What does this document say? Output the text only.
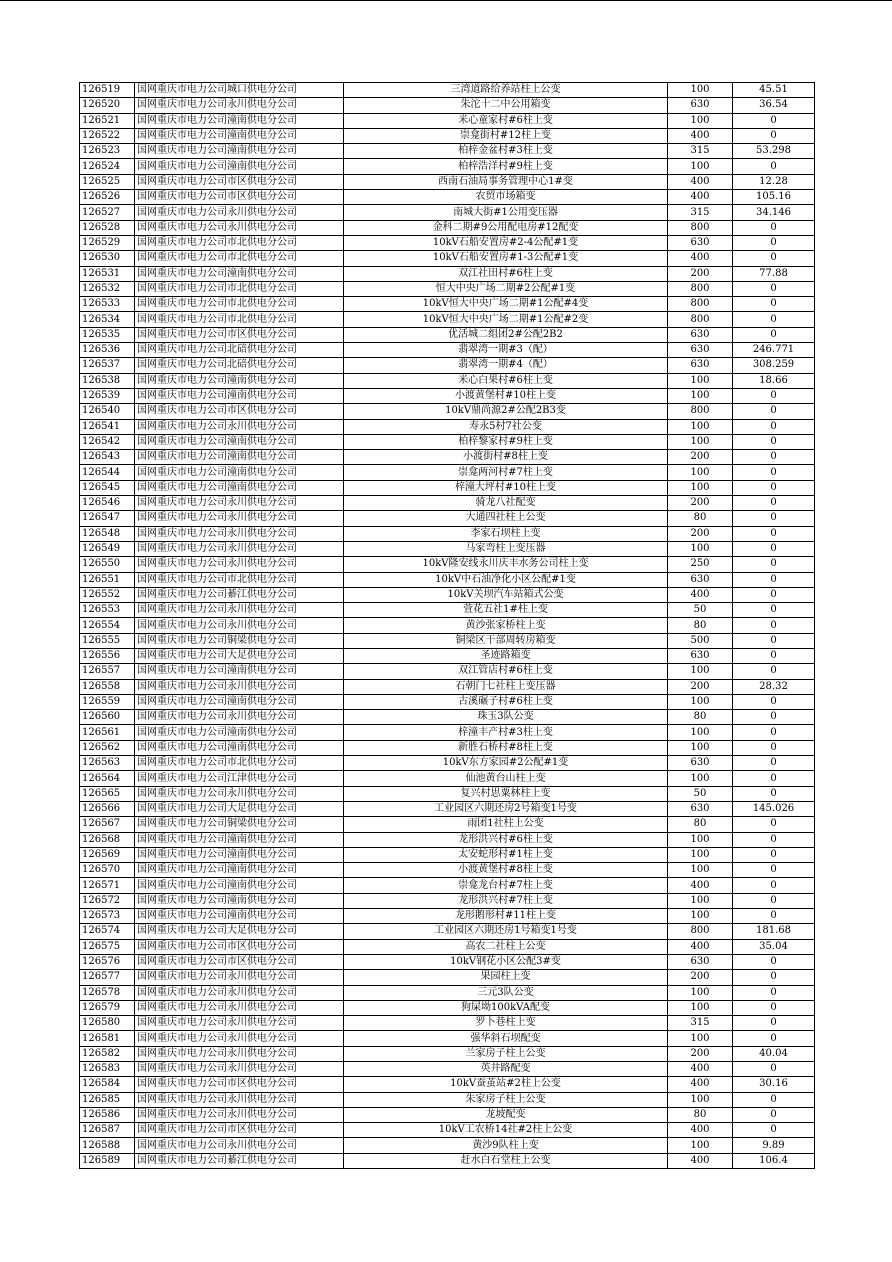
126519	国网重庆市电力公司城口供电分公司	三湾道路给养站柱上公变	100	45.51
126520	国网重庆市电力公司永川供电分公司	朱沱十二中公用箱变	630	36.54
126521	国网重庆市电力公司潼南供电分公司	米心童家村#6柱上变	100	0
126522	国网重庆市电力公司潼南供电分公司	崇龛街村#12柱上变	400	0
126523	国网重庆市电力公司潼南供电分公司	柏梓金盆村#3柱上变	315	53.298
126524	国网重庆市电力公司潼南供电分公司	柏梓浩洋村#9柱上变	100	0
126525	国网重庆市电力公司市区供电分公司	西南石油局事务管理中心1#变	400	12.28
126526	国网重庆市电力公司市区供电分公司	农贸市场箱变	400	105.16
126527	国网重庆市电力公司永川供电分公司	南城大街#1公用变压器	315	34.146
126528	国网重庆市电力公司永川供电分公司	金科二期#9公用配电房#12配变	800	0
126529	国网重庆市电力公司市北供电分公司	10kV石船安置房#2-4公配#1变	630	0
126530	国网重庆市电力公司市北供电分公司	10kV石船安置房#1-3公配#1变	400	0
126531	国网重庆市电力公司潼南供电分公司	双江社田村#6柱上变	200	77.88
126532	国网重庆市电力公司市北供电分公司	恒大中央广场二期#2公配#1变	800	0
126533	国网重庆市电力公司市北供电分公司	10kV恒大中央广场二期#1公配#4变	800	0
126534	国网重庆市电力公司市北供电分公司	10kV恒大中央广场二期#1公配#2变	800	0
126535	国网重庆市电力公司市区供电分公司	优活城二组团2#公配2B2	630	0
126536	国网重庆市电力公司北碚供电分公司	翡翠湾一期#3（配）	630	246.771
126537	国网重庆市电力公司北碚供电分公司	翡翠湾一期#4（配）	630	308.259
126538	国网重庆市电力公司潼南供电分公司	米心白果村#6柱上变	100	18.66
126539	国网重庆市电力公司潼南供电分公司	小渡黄堡村#10柱上变	100	0
126540	国网重庆市电力公司市区供电分公司	10kV鼎尚源2#公配2B3变	800	0
126541	国网重庆市电力公司永川供电分公司	寿永5村7社公变	100	0
126542	国网重庆市电力公司潼南供电分公司	柏梓黎家村#9柱上变	100	0
126543	国网重庆市电力公司潼南供电分公司	小渡街村#8柱上变	200	0
126544	国网重庆市电力公司潼南供电分公司	崇龛两河村#7柱上变	100	0
126545	国网重庆市电力公司潼南供电分公司	梓潼大坪村#10柱上变	100	0
126546	国网重庆市电力公司永川供电分公司	骑龙八社配变	200	0
126547	国网重庆市电力公司永川供电分公司	大通四社柱上公变	80	0
126548	国网重庆市电力公司永川供电分公司	李家石坝柱上变	200	0
126549	国网重庆市电力公司永川供电分公司	马家弯柱上变压器	100	0
126550	国网重庆市电力公司永川供电分公司	10kV隆安线永川庆丰水务公司柱上变	250	0
126551	国网重庆市电力公司市北供电分公司	10kV中石油净化小区公配#1变	630	0
126552	国网重庆市电力公司綦江供电分公司	10kV关坝汽车站箱式公变	400	0
126553	国网重庆市电力公司永川供电分公司	萱花五社1#柱上变	50	0
126554	国网重庆市电力公司永川供电分公司	黄沙张家桥柱上变	80	0
126555	国网重庆市电力公司铜梁供电分公司	铜梁区干部周转房箱变	500	0
126556	国网重庆市电力公司大足供电分公司	圣迹路箱变	630	0
126557	国网重庆市电力公司潼南供电分公司	双江管店村#6柱上变	100	0
126558	国网重庆市电力公司永川供电分公司	石朝门七社柱上变压器	200	28.32
126559	国网重庆市电力公司潼南供电分公司	古溪碾子村#6柱上变	100	0
126560	国网重庆市电力公司永川供电分公司	珠玉3队公变	80	0
126561	国网重庆市电力公司潼南供电分公司	梓潼丰产村#3柱上变	100	0
126562	国网重庆市电力公司潼南供电分公司	新胜石桥村#8柱上变	100	0
126563	国网重庆市电力公司市北供电分公司	10kV东方家园#2公配#1变	630	0
126564	国网重庆市电力公司江津供电分公司	仙池黄台山柱上变	100	0
126565	国网重庆市电力公司永川供电分公司	复兴村思粟林柱上变	50	0
126566	国网重庆市电力公司大足供电分公司	工业园区六期还房2号箱变1号变	630	145.026
126567	国网重庆市电力公司铜梁供电分公司	雨团1社柱上公变	80	0
126568	国网重庆市电力公司潼南供电分公司	龙形洪兴村#6柱上变	100	0
126569	国网重庆市电力公司潼南供电分公司	太安蛇形村#1柱上变	100	0
126570	国网重庆市电力公司潼南供电分公司	小渡黄堡村#8柱上变	100	0
126571	国网重庆市电力公司潼南供电分公司	崇龛龙台村#7柱上变	400	0
126572	国网重庆市电力公司潼南供电分公司	龙形洪兴村#7柱上变	100	0
126573	国网重庆市电力公司潼南供电分公司	龙形鹅形村#11柱上变	100	0
126574	国网重庆市电力公司大足供电分公司	工业园区六期还房1号箱变1号变	800	181.68
126575	国网重庆市电力公司市区供电分公司	高农二社柱上公变	400	35.04
126576	国网重庆市电力公司市区供电分公司	10kV钢花小区公配3#变	630	0
126577	国网重庆市电力公司永川供电分公司	果园柱上变	200	0
126578	国网重庆市电力公司永川供电分公司	三元3队公变	100	0
126579	国网重庆市电力公司永川供电分公司	狗屎坳100kVA配变	100	0
126580	国网重庆市电力公司永川供电分公司	罗卜巷柱上变	315	0
126581	国网重庆市电力公司永川供电分公司	强华斜石坝配变	100	0
126582	国网重庆市电力公司永川供电分公司	兰家房子柱上公变	200	40.04
126583	国网重庆市电力公司永川供电分公司	英井路配变	400	0
126584	国网重庆市电力公司市区供电分公司	10kV蚕茧站#2柱上公变	400	30.16
126585	国网重庆市电力公司永川供电分公司	朱家房子柱上公变	100	0
126586	国网重庆市电力公司永川供电分公司	龙坡配变	80	0
126587	国网重庆市电力公司市区供电分公司	10kV工农桥14社#2柱上公变	400	0
126588	国网重庆市电力公司永川供电分公司	黄沙9队柱上变	100	9.89
126589	国网重庆市电力公司綦江供电分公司	赶水白石堂柱上公变	400	106.4
